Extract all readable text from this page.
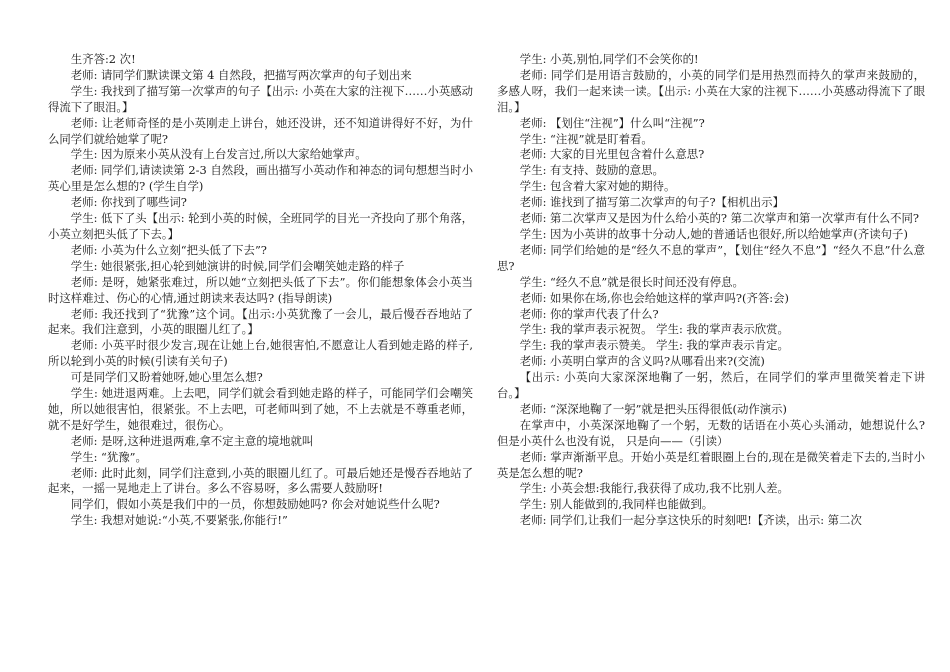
生齐答:2 次!

老师: 请同学们默读课文第 4 自然段，把描写两次掌声的句子划出来

学生: 我找到了描写第一次掌声的句子【出示: 小英在大家的注视下……小英感动得流下了眼泪。】

老师: 让老师奇怪的是小英刚走上讲台，她还没讲，还不知道讲得好不好，为什么同学们就给她掌了呢?

学生: 因为原来小英从没有上台发言过,所以大家给她掌声。

老师: 同学们,请读读第 2-3 自然段，画出描写小英动作和神态的词句想想当时小英心里是怎么想的? (学生自学)

老师: 你找到了哪些词?

学生: 低下了头【出示: 轮到小英的时候，全班同学的目光一齐投向了那个角落，小英立刻把头低了下去。】

老师: 小英为什么立刻“把头低了下去”?

学生: 她很紧张,担心轮到她演讲的时候,同学们会嘲笑她走路的样子

老师: 是呀，她紧张难过，所以她“立刻把头低了下去”。你们能想象体会小英当时这样难过、伤心的心情,通过朗读来表达吗? (指导朗读)

老师: 我还找到了“犹豫”这个词。【出示:小英犹豫了一会儿，最后慢吞吞地站了起来。我们注意到，小英的眼圈儿红了。】

老师: 小英平时很少发言,现在让她上台,她很害怕,不愿意让人看到她走路的样子,所以轮到小英的时候(引读有关句子)

可是同学们又盼着她呀,她心里怎么想?

学生: 她进退两难。上去吧，同学们就会看到她走路的样子，可能同学们会嘲笑她，所以她很害怕，很紧张。不上去吧，可老师叫到了她，不上去就是不尊重老师，就不是好学生，她很难过，很伤心。

老师: 是呀,这种进退两难,拿不定主意的境地就叫

学生: “犹豫”。

老师: 此时此刻，同学们注意到,小英的眼圈儿红了。可最后她还是慢吞吞地站了起来，一摇一晃地走上了讲台。多么不容易呀，多么需要人鼓励呀!

同学们，假如小英是我们中的一员，你想鼓励她吗? 你会对她说些什么呢?

学生: 我想对她说:“小英,不要紧张,你能行!”

学生: 小英,别怕,同学们不会笑你的!

老师: 同学们是用语言鼓励的，小英的同学们是用热烈而持久的掌声来鼓励的，多感人呀，我们一起来读一读。【出示: 小英在大家的注视下……小英感动得流下了眼泪。】

老师: 【划住“注视”】什么叫“注视”?

学生: “注视”就是盯着看。

老师: 大家的目光里包含着什么意思?

学生: 有支持、鼓励的意思。

学生: 包含着大家对她的期待。

老师: 谁找到了描写第二次掌声的句子?【相机出示】

老师: 第二次掌声又是因为什么给小英的? 第二次掌声和第一次掌声有什么不同?

学生: 因为小英讲的故事十分动人,她的普通话也很好,所以给她掌声(齐读句子)

老师: 同学们给她的是“经久不息的掌声”，【划住“经久不息”】“经久不息”什么意思?

学生: “经久不息”就是很长时间还没有停息。

老师: 如果你在场,你也会给她这样的掌声吗?(齐答:会)

老师: 你的掌声代表了什么?

学生: 我的掌声表示祝贺。 学生: 我的掌声表示欣赏。

学生: 我的掌声表示赞美。 学生: 我的掌声表示肯定。

老师: 小英明白掌声的含义吗?从哪看出来?(交流)

【出示: 小英向大家深深地鞠了一躬，然后，在同学们的掌声里微笑着走下讲台。】

老师: “深深地鞠了一躬”就是把头压得很低(动作演示)

在掌声中，小英深深地鞠了一个躬，无数的话语在小英心头涌动，她想说什么? 但是小英什么也没有说， 只是向——（引读）

老师: 掌声渐渐平息。开始小英是红着眼圈上台的,现在是微笑着走下去的,当时小英是怎么想的呢?

学生: 小英会想:我能行,我获得了成功,我不比别人差。

学生: 别人能做到的,我同样也能做到。

老师: 同学们,让我们一起分享这快乐的时刻吧!【齐读，出示: 第二次
